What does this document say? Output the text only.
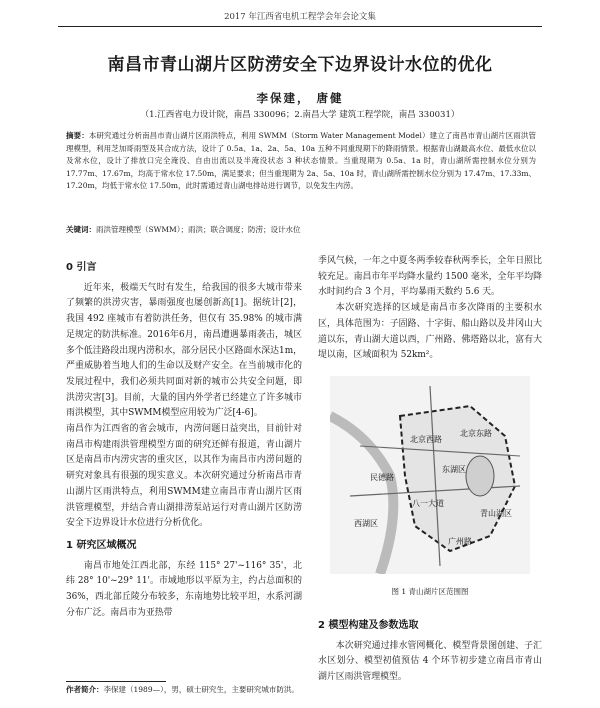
2017 年江西省电机工程学会年会论文集
南昌市青山湖片区防涝安全下边界设计水位的优化
李保建， 唐健
（1.江西省电力设计院，南昌 330096；2.南昌大学 建筑工程学院，南昌 330031）
摘要：本研究通过分析南昌市青山湖片区雨洪特点，利用 SWMM（Storm Water Management Model）建立了南昌市青山湖片区雨洪管理模型，利用芝加哥雨型及其合成方法，设计了 0.5a、1a、2a、5a、10a 五种不同重现期下的降雨情景。根据青山湖最高水位、最低水位以及常水位，设计了排放口完全淹没、自由出流以及半淹没状态 3 种状态情景。当重现期为 0.5a、1a 时，青山湖所需控制水位分别为 17.77m、17.67m，均高于常水位 17.50m，满足要求；但当重现期为 2a、5a、10a 时，青山湖所需控制水位分别为 17.47m、17.33m、17.20m，均低于常水位 17.50m，此时需通过青山湖电排站进行调节，以免发生内涝。
关键词：雨洪管理模型（SWMM）；雨洪；联合调度；防涝；设计水位
0 引言

近年来，极端天气时有发生，给我国的很多大城市带来了频繁的洪涝灾害，暴雨强度也屡创新高[1]。据统计[2]，我国 492 座城市有着防洪任务，但仅有 35.98% 的城市满足规定的防洪标准。2016年6月，南昌遭遇暴雨袭击，城区多个低洼路段出现内涝积水，部分居民小区路面水深达1m，严重威胁着当地人们的生命以及财产安全。在当前城市化的发展过程中，我们必须共同面对新的城市公共安全问题，即洪涝灾害[3]。目前，大量的国内外学者已经建立了许多城市雨洪模型，其中SWMM模型应用较为广泛[4-6]。

南昌作为江西省的省会城市，内涝问题日益突出，目前针对南昌市构建雨洪管理模型方面的研究还鲜有报道，青山湖片区是南昌市内涝灾害的重灾区，以其作为南昌市内涝问题的研究对象具有很强的现实意义。本次研究通过分析南昌市青山湖片区雨洪特点，利用SWMM建立南昌市青山湖片区雨洪管理模型，并结合青山湖排涝泵站运行对青山湖片区防涝安全下边界设计水位进行分析优化。

1 研究区域概况

南昌市地处江西北部，东经 115° 27'~116° 35'，北纬 28° 10'~29° 11'。市域地形以平原为主，约占总面积的 36%，西北部丘陵分布较多，东南地势比较平坦，水系河湖分布广泛。南昌市为亚热带

季风气候，一年之中夏冬两季较春秋两季长，全年日照比较充足。南昌市年平均降水量约 1500 毫米，全年平均降水时间约合 3 个月，平均暴雨天数约 5.6 天。

本次研究选择的区域是南昌市多次降雨的主要积水区，具体范围为：子固路、十字街、船山路以及井冈山大道以东，青山湖大道以西，广州路、佛塔路以北，富有大堤以南，区域面积为 52km²。

北京西路
北京东路
八一大道
西湖区
广州路
青山湖区
东湖区
民德路
图 1 青山湖片区范围图
2 模型构建及参数选取

本次研究通过排水管网概化、模型背景图创建、子汇水区划分、模型初值预估 4 个环节初步建立南昌市青山湖片区雨洪管理模型。

作者简介：李保建（1989—），男，硕士研究生，主要研究城市防洪。
